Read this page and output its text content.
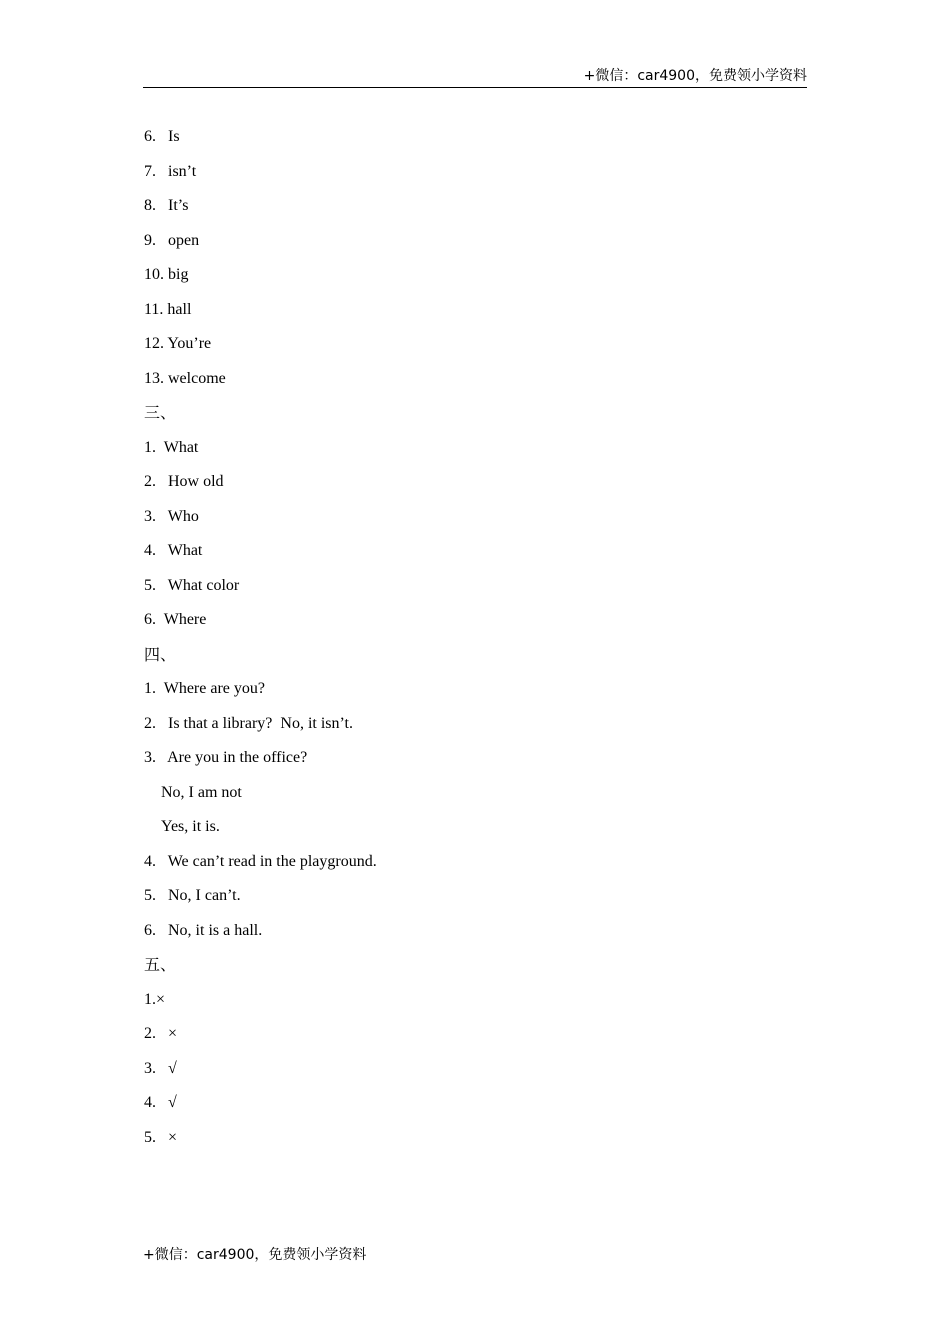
+微信：car4900，免费领小学资料
6. Is
7. isn’t
8. It’s
9. open
10. big
11. hall
12. You’re
13. welcome
三、
1. What
2. How old
3. Who
4. What
5. What color
6. Where
四、
1. Where are you?
2. Is that a library?  No, it isn’t.
3. Are you in the office?
No, I am not
Yes, it is.
4. We can’t read in the playground.
5. No, I can’t.
6. No, it is a hall.
五、
1.×
2. ×
3. √
4. √
5. ×
+微信：car4900，免费领小学资料
